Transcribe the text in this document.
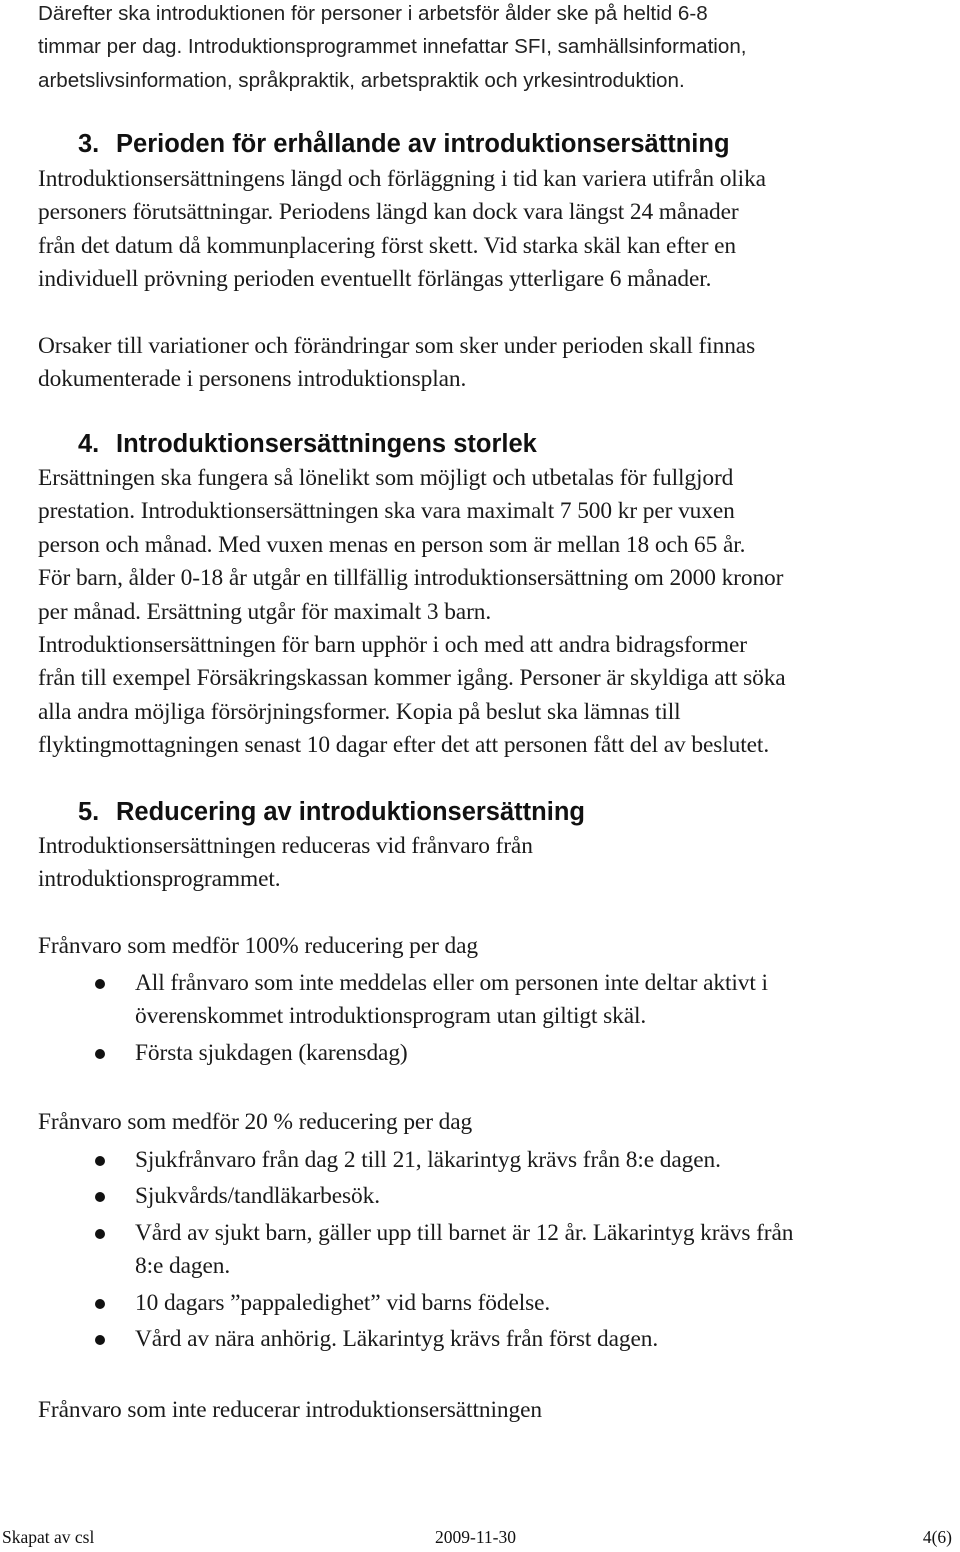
Därefter ska introduktionen för personer i arbetsför ålder ske på heltid 6-8
timmar per dag. Introduktionsprogrammet innefattar SFI, samhällsinformation,
arbetslivsinformation, språkpraktik, arbetspraktik och yrkesintroduktion.
3. Perioden för erhållande av introduktionsersättning
Introduktionsersättningens längd och förläggning i tid kan variera utifrån olika
personers förutsättningar. Periodens längd kan dock vara längst 24 månader
från det datum då kommunplacering först skett. Vid starka skäl kan efter en
individuell prövning perioden eventuellt förlängas ytterligare 6 månader.
Orsaker till variationer och förändringar som sker under perioden skall finnas
dokumenterade i personens introduktionsplan.
4. Introduktionsersättningens storlek
Ersättningen ska fungera så lönelikt som möjligt och utbetalas för fullgjord
prestation. Introduktionsersättningen ska vara maximalt 7 500 kr per vuxen
person och månad. Med vuxen menas en person som är mellan 18 och 65 år.
För barn, ålder 0-18 år utgår en tillfällig introduktionsersättning om 2000 kronor
per månad. Ersättning utgår för maximalt 3 barn.
Introduktionsersättningen för barn upphör i och med att andra bidragsformer
från till exempel Försäkringskassan kommer igång. Personer är skyldiga att söka
alla andra möjliga försörjningsformer. Kopia på beslut ska lämnas till
flyktingmottagningen senast 10 dagar efter det att personen fått del av beslutet.
5. Reducering av introduktionsersättning
Introduktionsersättningen reduceras vid frånvaro från
introduktionsprogrammet.
Frånvaro som medför 100% reducering per dag
All frånvaro som inte meddelas eller om personen inte deltar aktivt i
överenskommet introduktionsprogram utan giltigt skäl.
Första sjukdagen (karensdag)
Frånvaro som medför 20 % reducering per dag
Sjukfrånvaro från dag 2 till 21, läkarintyg krävs från 8:e dagen.
Sjukvårds/tandläkarbesök.
Vård av sjukt barn, gäller upp till barnet är 12 år. Läkarintyg krävs från
8:e dagen.
10 dagars ”pappaledighet” vid barns födelse.
Vård av nära anhörig. Läkarintyg krävs från först dagen.
Frånvaro som inte reducerar introduktionsersättningen
Skapat av csl	2009-11-30	4(6)
